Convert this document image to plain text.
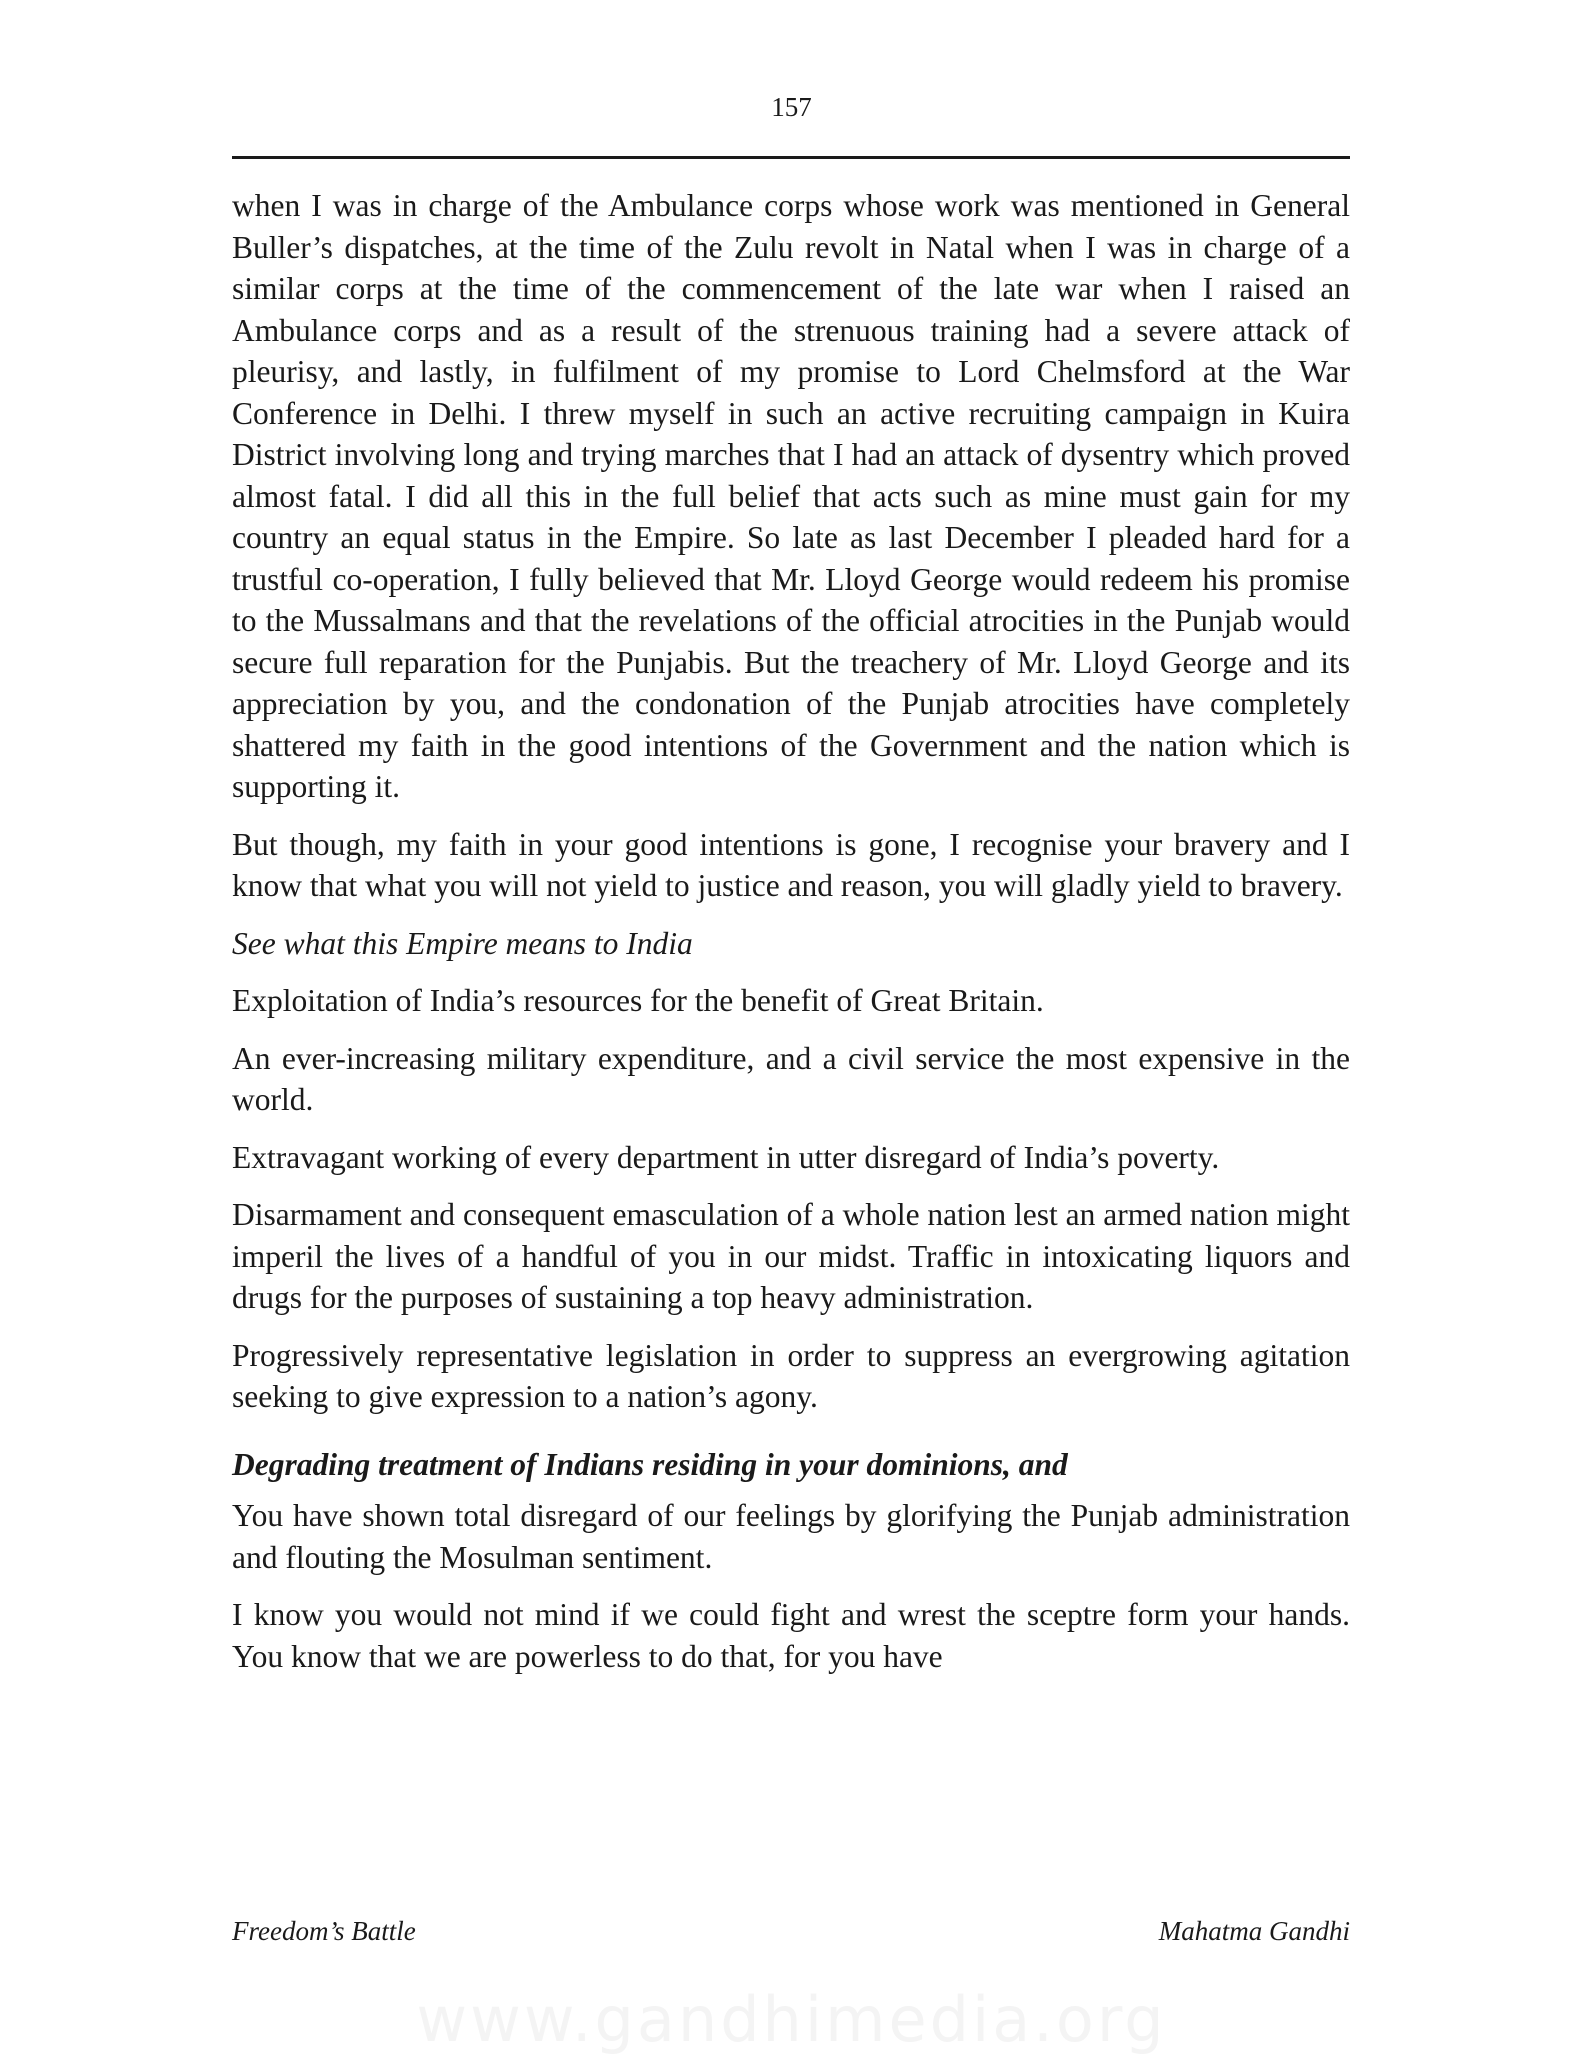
157

when I was in charge of the Ambulance corps whose work was mentioned in General Buller’s dispatches, at the time of the Zulu revolt in Natal when I was in charge of a similar corps at the time of the commencement of the late war when I raised an Ambulance corps and as a result of the strenuous training had a severe attack of pleurisy, and lastly, in fulfilment of my promise to Lord Chelmsford at the War Conference in Delhi. I threw myself in such an active recruiting campaign in Kuira District involving long and trying marches that I had an attack of dysentry which proved almost fatal. I did all this in the full belief that acts such as mine must gain for my country an equal status in the Empire. So late as last December I pleaded hard for a trustful co-operation, I fully believed that Mr. Lloyd George would redeem his promise to the Mussalmans and that the revelations of the official atrocities in the Punjab would secure full reparation for the Punjabis. But the treachery of Mr. Lloyd George and its appreciation by you, and the condonation of the Punjab atrocities have completely shattered my faith in the good intentions of the Government and the nation which is supporting it.

But though, my faith in your good intentions is gone, I recognise your bravery and I know that what you will not yield to justice and reason, you will gladly yield to bravery.

See what this Empire means to India

Exploitation of India’s resources for the benefit of Great Britain.

An ever-increasing military expenditure, and a civil service the most expensive in the world.

Extravagant working of every department in utter disregard of India’s poverty.

Disarmament and consequent emasculation of a whole nation lest an armed nation might imperil the lives of a handful of you in our midst. Traffic in intoxicating liquors and drugs for the purposes of sustaining a top heavy administration.

Progressively representative legislation in order to suppress an evergrowing agitation seeking to give expression to a nation’s agony.

Degrading treatment of Indians residing in your dominions, and

You have shown total disregard of our feelings by glorifying the Punjab administration and flouting the Mosulman sentiment.

I know you would not mind if we could fight and wrest the sceptre form your hands. You know that we are powerless to do that, for you have

Freedom’s Battle	Mahatma Gandhi
www.gandhimedia.org
